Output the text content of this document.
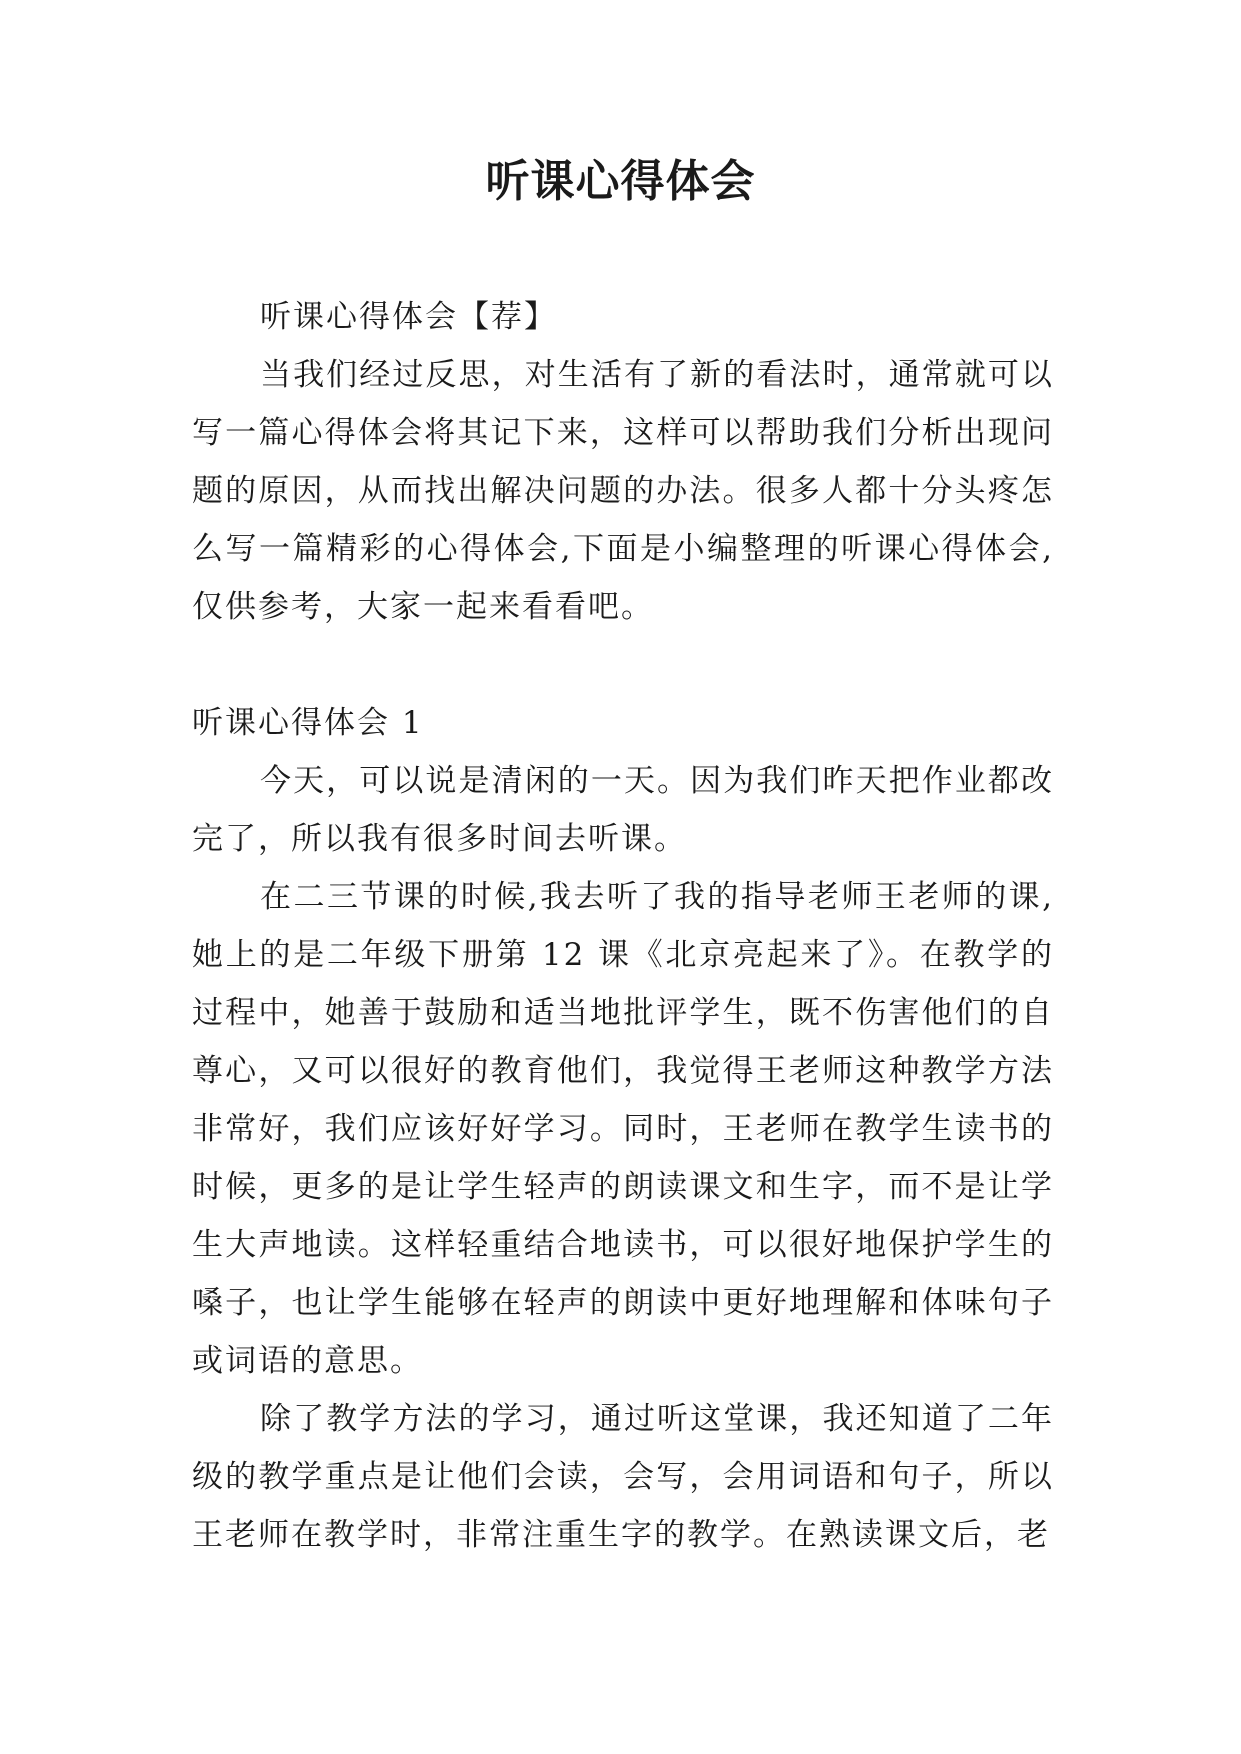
听课心得体会

听课心得体会【荐】

当我们经过反思，对生活有了新的看法时，通常就可以写一篇心得体会将其记下来，这样可以帮助我们分析出现问题的原因，从而找出解决问题的办法。很多人都十分头疼怎么写一篇精彩的心得体会,下面是小编整理的听课心得体会,仅供参考，大家一起来看看吧。

听课心得体会 1

今天，可以说是清闲的一天。因为我们昨天把作业都改完了，所以我有很多时间去听课。

在二三节课的时候,我去听了我的指导老师王老师的课,她上的是二年级下册第 12 课《北京亮起来了》。在教学的过程中，她善于鼓励和适当地批评学生，既不伤害他们的自尊心，又可以很好的教育他们，我觉得王老师这种教学方法非常好，我们应该好好学习。同时，王老师在教学生读书的时候，更多的是让学生轻声的朗读课文和生字，而不是让学生大声地读。这样轻重结合地读书，可以很好地保护学生的嗓子，也让学生能够在轻声的朗读中更好地理解和体味句子或词语的意思。

除了教学方法的学习，通过听这堂课，我还知道了二年级的教学重点是让他们会读，会写，会用词语和句子，所以王老师在教学时，非常注重生字的教学。在熟读课文后，老
